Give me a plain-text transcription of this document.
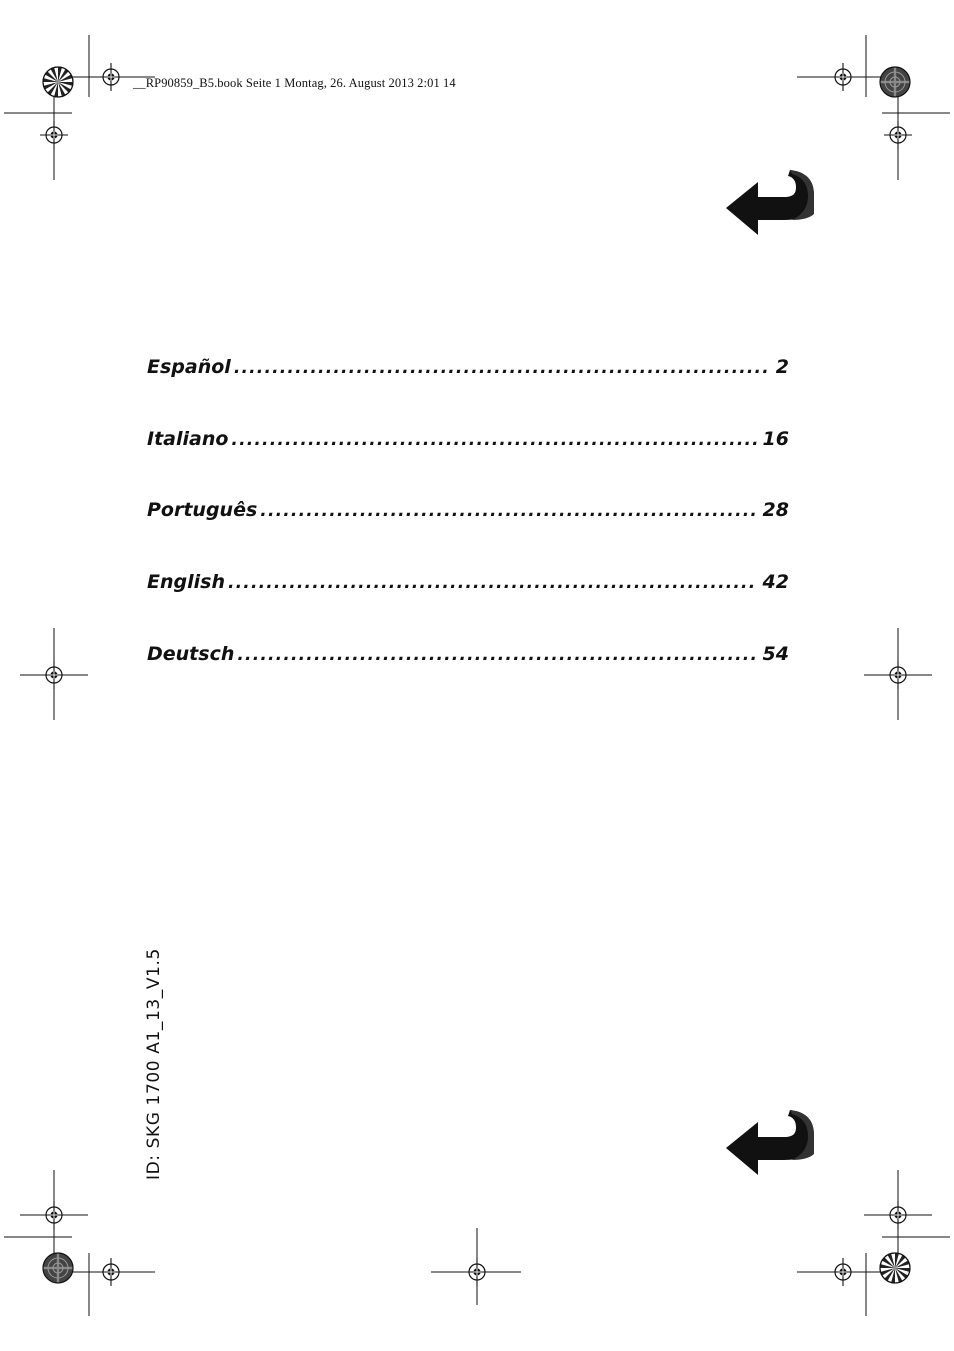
__RP90859_B5.book Seite 1 Montag, 26. August 2013 2:01 14
Español .....	2
Italiano .....	16
Português .....	28
English .....	42
Deutsch .....	54
ID: SKG 1700 A1_13_V1.5
